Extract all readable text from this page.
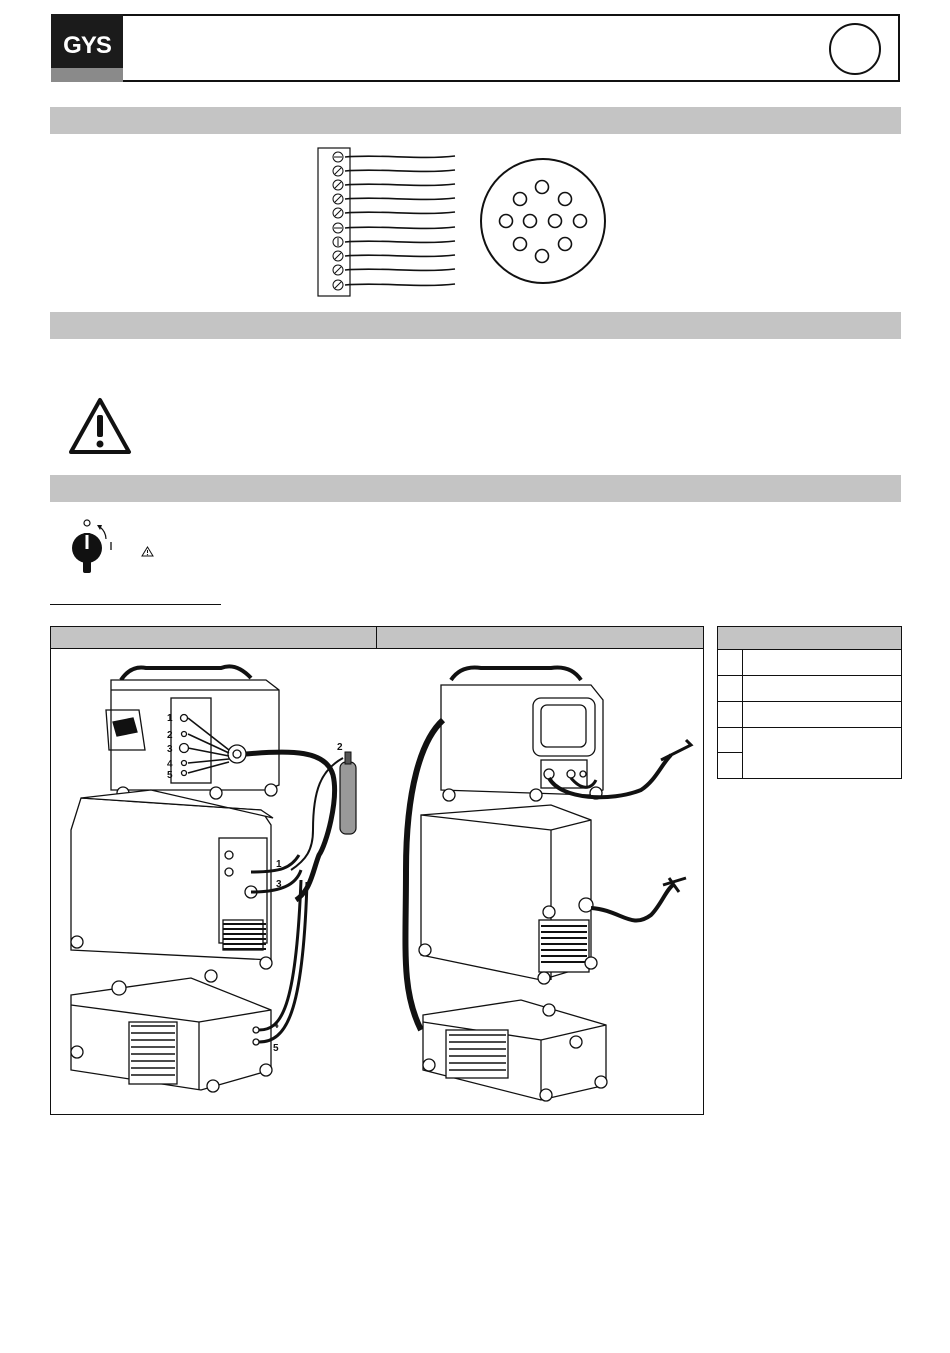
GYS
1
2
3
4
5
2
1
3
4
5
